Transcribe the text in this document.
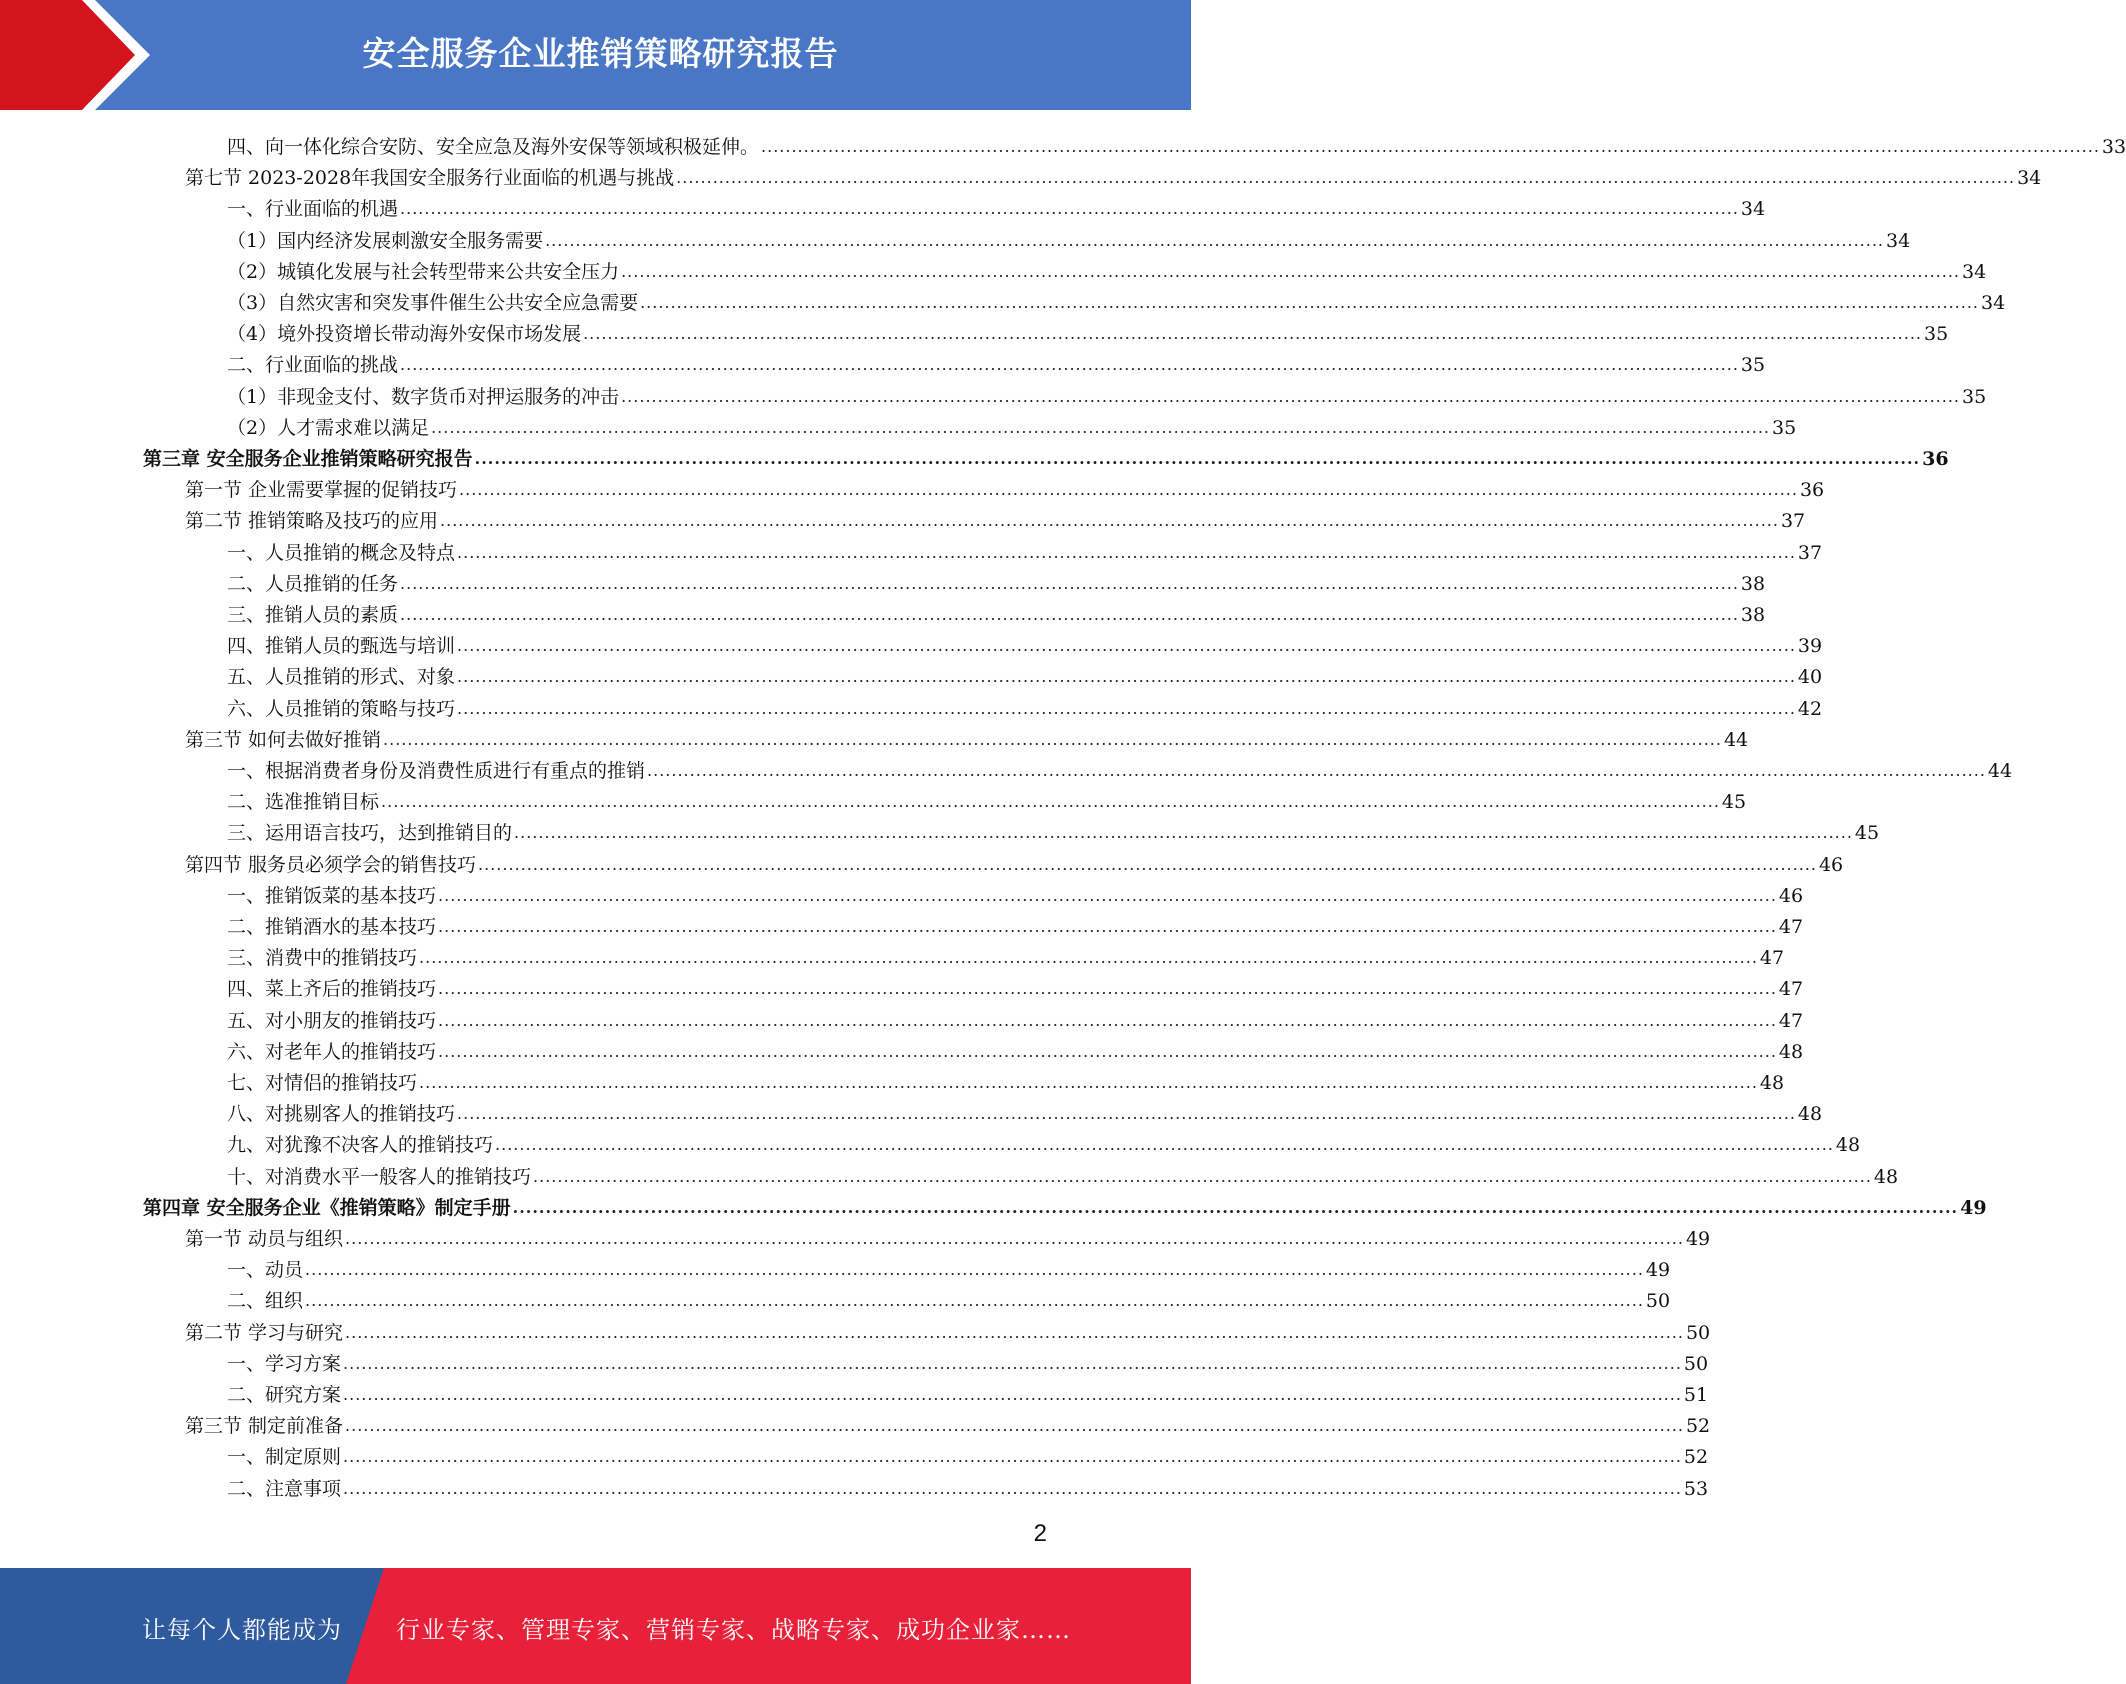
安全服务企业推销策略研究报告
四、向一体化综合安防、安全应急及海外安保等领域积极延伸。 ............................................................................................................................................................................................................................ 33
第七节 2023-2028年我国安全服务行业面临的机遇与挑战 ............................................................................................................................................................................................................................ 34
一、行业面临的机遇 ............................................................................................................................................................................................................................ 34
（1）国内经济发展刺激安全服务需要 ............................................................................................................................................................................................................................ 34
（2）城镇化发展与社会转型带来公共安全压力 ............................................................................................................................................................................................................................ 34
（3）自然灾害和突发事件催生公共安全应急需要 ............................................................................................................................................................................................................................ 34
（4）境外投资增长带动海外安保市场发展 ............................................................................................................................................................................................................................ 35
二、行业面临的挑战 ............................................................................................................................................................................................................................ 35
（1）非现金支付、数字货币对押运服务的冲击 ............................................................................................................................................................................................................................ 35
（2）人才需求难以满足 ............................................................................................................................................................................................................................ 35
第三章 安全服务企业推销策略研究报告 ............................................................................................................................................................................................................................ 36
第一节 企业需要掌握的促销技巧 ............................................................................................................................................................................................................................ 36
第二节 推销策略及技巧的应用 ............................................................................................................................................................................................................................ 37
一、人员推销的概念及特点 ............................................................................................................................................................................................................................ 37
二、人员推销的任务 ............................................................................................................................................................................................................................ 38
三、推销人员的素质 ............................................................................................................................................................................................................................ 38
四、推销人员的甄选与培训 ............................................................................................................................................................................................................................ 39
五、人员推销的形式、对象 ............................................................................................................................................................................................................................ 40
六、人员推销的策略与技巧 ............................................................................................................................................................................................................................ 42
第三节 如何去做好推销 ............................................................................................................................................................................................................................ 44
一、根据消费者身份及消费性质进行有重点的推销 ............................................................................................................................................................................................................................ 44
二、选准推销目标 ............................................................................................................................................................................................................................ 45
三、运用语言技巧，达到推销目的 ............................................................................................................................................................................................................................ 45
第四节 服务员必须学会的销售技巧 ............................................................................................................................................................................................................................ 46
一、推销饭菜的基本技巧 ............................................................................................................................................................................................................................ 46
二、推销酒水的基本技巧 ............................................................................................................................................................................................................................ 47
三、消费中的推销技巧 ............................................................................................................................................................................................................................ 47
四、菜上齐后的推销技巧 ............................................................................................................................................................................................................................ 47
五、对小朋友的推销技巧 ............................................................................................................................................................................................................................ 47
六、对老年人的推销技巧 ............................................................................................................................................................................................................................ 48
七、对情侣的推销技巧 ............................................................................................................................................................................................................................ 48
八、对挑剔客人的推销技巧 ............................................................................................................................................................................................................................ 48
九、对犹豫不决客人的推销技巧 ............................................................................................................................................................................................................................ 48
十、对消费水平一般客人的推销技巧 ............................................................................................................................................................................................................................ 48
第四章 安全服务企业《推销策略》制定手册 ............................................................................................................................................................................................................................ 49
第一节 动员与组织 ............................................................................................................................................................................................................................ 49
一、动员 ............................................................................................................................................................................................................................ 49
二、组织 ............................................................................................................................................................................................................................ 50
第二节 学习与研究 ............................................................................................................................................................................................................................ 50
一、学习方案 ............................................................................................................................................................................................................................ 50
二、研究方案 ............................................................................................................................................................................................................................ 51
第三节 制定前准备 ............................................................................................................................................................................................................................ 52
一、制定原则 ............................................................................................................................................................................................................................ 52
二、注意事项 ............................................................................................................................................................................................................................ 53
2
让每个人都能成为 行业专家、管理专家、营销专家、战略专家、成功企业家……
